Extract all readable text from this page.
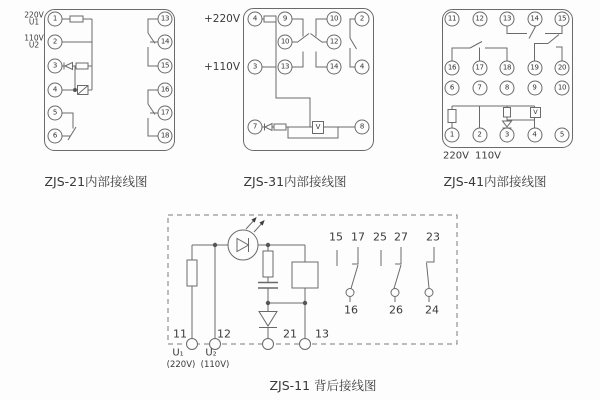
220V
U1
110V
U2
1
2
3
4
5
6
13
14
15
16
17
18
ZJS-21内部接线图
+220V
+110V
4
3
7
9
10
13
10
12
14
2
4
8
V
ZJS-31内部接线图
11	12	13	14	15
16	17	18	19	20
6	7	8	9	10
1	2	3	4	5
V
220V 110V
ZJS-41内部接线图
15 17 25 27 23
16	26 24
11	12	21 13
U₁ U₂
(220V) (110V)
ZJS-11 背后接线图
